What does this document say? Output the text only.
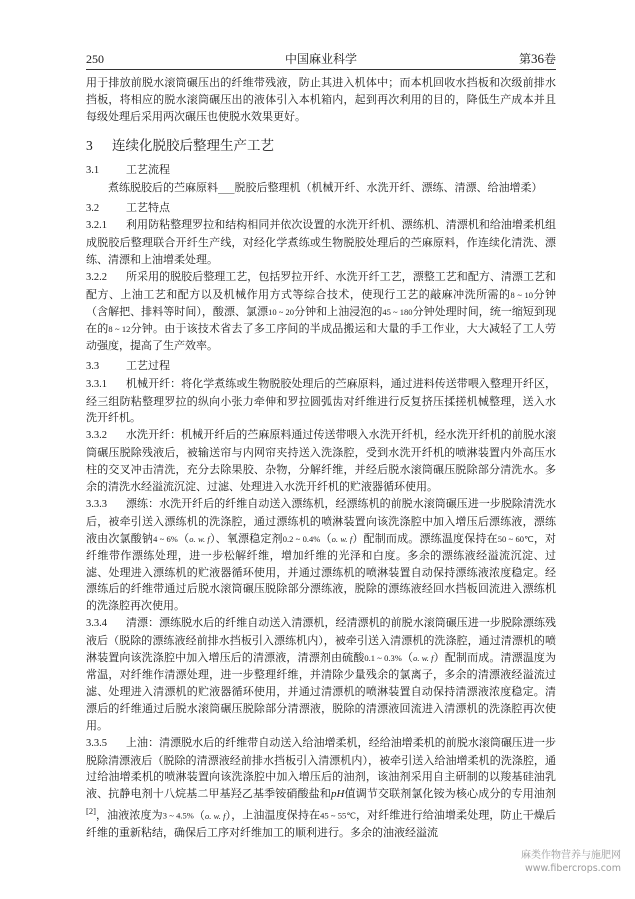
250	中国麻业科学	第36卷

用于排放前脱水滚筒碾压出的纤维带残液，防止其进入机体中；而本机回收水挡板和次级前排水挡板，将相应的脱水滚筒碾压出的液体引入本机箱内，起到再次利用的目的，降低生产成本并且每级处理后采用两次碾压也使脱水效果更好。

3 连续化脱胶后整理生产工艺
3.1 工艺流程

煮练脱胶后的苎麻原料___脱胶后整理机（机械开纤、水洗开纤、漂练、清漂、给油增柔）

3.2 工艺特点

3.2.1 利用防粘整理罗拉和结构相同并依次设置的水洗开纤机、漂练机、清漂机和给油增柔机组成脱胶后整理联合开纤生产线，对经化学煮练或生物脱胶处理后的苎麻原料，作连续化清洗、漂练、清漂和上油增柔处理。

3.2.2 所采用的脱胶后整理工艺，包括罗拉开纤、水洗开纤工艺，漂整工艺和配方、清漂工艺和配方、上油工艺和配方以及机械作用方式等综合技术，使现行工艺的敲麻冲洗所需的8 ~ 10分钟（含解把、排料等时间），酸漂、氯漂10 ~ 20分钟和上油浸泡的45 ~ 180分钟处理时间，统一缩短到现在的8 ~ 12分钟。由于该技术省去了多工序间的半成品搬运和大量的手工作业，大大减轻了工人劳动强度，提高了生产效率。

3.3 工艺过程

3.3.1 机械开纤：将化学煮练或生物脱胶处理后的苎麻原料，通过进料传送带喂入整理开纤区，经三组防粘整理罗拉的纵向小张力牵伸和罗拉圆弧齿对纤维进行反复挤压揉搓机械整理，送入水洗开纤机。

3.3.2 水洗开纤：机械开纤后的苎麻原料通过传送带喂入水洗开纤机，经水洗开纤机的前脱水滚筒碾压脱除残液后，被输送帘与内网帘夹持送入洗涤腔，受到水洗开纤机的喷淋装置内外高压水柱的交叉冲击清洗，充分去除果胶、杂物，分解纤维，并经后脱水滚筒碾压脱除部分清洗水。多余的清洗水经溢流沉淀、过滤、处理进入水洗开纤机的贮液器循环使用。

3.3.3 漂练：水洗开纤后的纤维自动送入漂练机，经漂练机的前脱水滚筒碾压进一步脱除清洗水后，被牵引送入漂练机的洗涤腔，通过漂练机的喷淋装置向该洗涤腔中加入增压后漂练液，漂练液由次氯酸钠4 ~ 6%（o. w. f）、氧漂稳定剂0.2 ~ 0.4%（o. w. f）配制而成。漂练温度保持在50 ~ 60℃，对纤维带作漂练处理，进一步松解纤维，增加纤维的光泽和白度。多余的漂练液经溢流沉淀、过滤、处理进入漂练机的贮液器循环使用，并通过漂练机的喷淋装置自动保持漂练液浓度稳定。经漂练后的纤维带通过后脱水滚筒碾压脱除部分漂练液，脱除的漂练液经回水挡板回流进入漂练机的洗涤腔再次使用。

3.3.4 清漂：漂练脱水后的纤维自动送入清漂机，经清漂机的前脱水滚筒碾压进一步脱除漂练残液后（脱除的漂练液经前排水挡板引入漂练机内），被牵引送入清漂机的洗涤腔，通过清漂机的喷淋装置向该洗涤腔中加入增压后的清漂液，清漂剂由硫酸0.1 ~ 0.3%（o. w. f）配制而成。清漂温度为常温，对纤维作清漂处理，进一步整理纤维，并清除少量残余的氯离子，多余的清漂液经溢流过滤、处理进入清漂机的贮液器循环使用，并通过清漂机的喷淋装置自动保持清漂液浓度稳定。清漂后的纤维通过后脱水滚筒碾压脱除部分清漂液，脱除的清漂液回流进入清漂机的洗涤腔再次使用。

3.3.5 上油：清漂脱水后的纤维带自动送入给油增柔机，经给油增柔机的前脱水滚筒碾压进一步脱除清漂液后（脱除的清漂液经前排水挡板引入清漂机内），被牵引送入给油增柔机的洗涤腔，通过给油增柔机的喷淋装置向该洗涤腔中加入增压后的油剂，该油剂采用自主研制的以羧基硅油乳液、抗静电剂十八烷基二甲基羟乙基季铵硝酸盐和pH值调节交联剂氯化铵为核心成分的专用油剂[2]，油液浓度为3 ~ 4.5%（o. w. f），上油温度保持在45 ~ 55℃，对纤维进行给油增柔处理，防止干燥后纤维的重新粘结，确保后工序对纤维加工的顺利进行。多余的油液经溢流

麻类作物营养与施肥网
www.fibercrops.com
